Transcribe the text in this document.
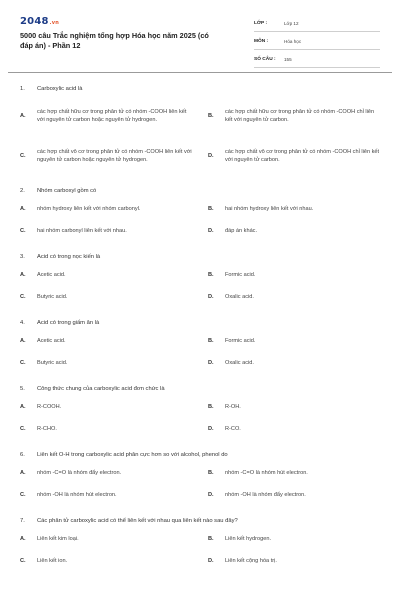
2048.vn
5000 câu Trắc nghiệm tổng hợp Hóa học năm 2025 (có đáp án) - Phần 12
LỚP :	Lớp 12
MÔN :	Hóa học
SỐ CÂU :	155
1.	Carboxylic acid là
A.
các hợp chất hữu cơ trong phân tử có nhóm -COOH liên kết với nguyên tử carbon hoặc nguyên tử hydrogen.
B.
các hợp chất hữu cơ trong phân tử có nhóm -COOH chỉ liên kết với nguyên tử carbon.
C.
các hợp chất vô cơ trong phân tử có nhóm -COOH liên kết với nguyên tử carbon hoặc nguyên tử hydrogen.
D.
các hợp chất vô cơ trong phân tử có nhóm -COOH chỉ liên kết với nguyên tử carbon.
2.	Nhóm carboxyl gồm có
A.	nhóm hydroxy liên kết với nhóm carbonyl.	B.	hai nhóm hydroxy liên kết với nhau.
C.	hai nhóm carbonyl liên kết với nhau.	D.	đáp án khác.
3.	Acid có trong nọc kiến là
A.	Acetic acid.	B.	Formic acid.
C.	Butyric acid.	D.	Oxalic acid.
4.	Acid có trong giấm ăn là
A.	Acetic acid.	B.	Formic acid.
C.	Butyric acid.	D.	Oxalic acid.
5.	Công thức chung của carboxylic acid đơn chức là
A.	R-COOH.	B.	R-OH.
C.	R-CHO.	D.	R-CO.
6.	Liên kết O-H trong carboxylic acid phân cực hơn so với alcohol, phenol do
A.	nhóm -C=O là nhóm đẩy electron.	B.	nhóm -C=O là nhóm hút electron.
C.	nhóm -OH là nhóm hút electron.	D.	nhóm -OH là nhóm đẩy electron.
7.	Các phân tử carboxylic acid có thể liên kết với nhau qua liên kết nào sau đây?
A.	Liên kết kim loại.	B.	Liên kết hydrogen.
C.	Liên kết ion.	D.	Liên kết cộng hóa trị.
